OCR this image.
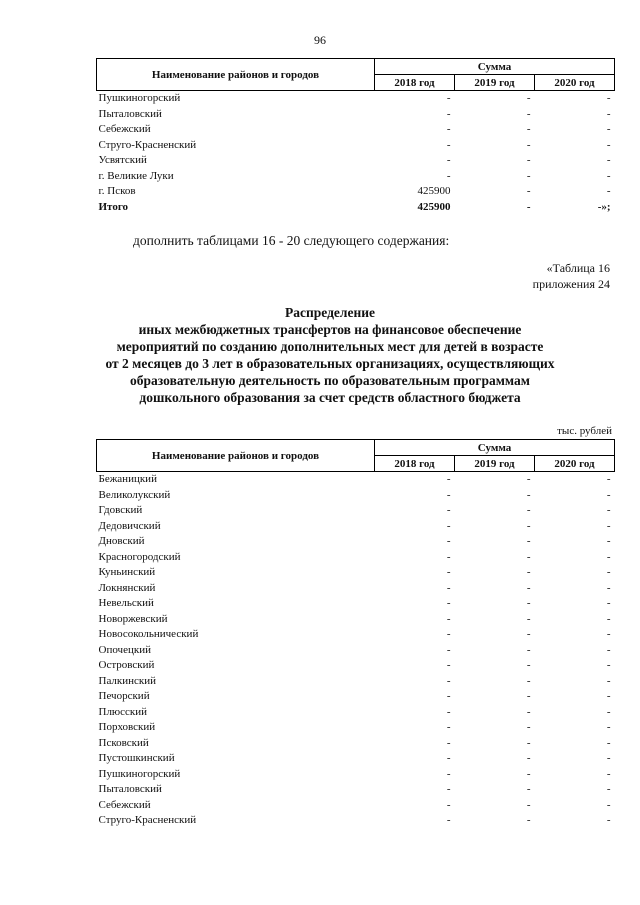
96
Наименование районов и городов	Сумма		
	2018 год	2019 год	2020 год
Пушкиногорский	-	-	-
Пыталовский	-	-	-
Себежский	-	-	-
Струго-Красненский	-	-	-
Усвятский	-	-	-
г. Великие Луки	-	-	-
г. Псков	425900	-	-
Итого	425900	-	-»;
дополнить таблицами 16 - 20 следующего содержания:
«Таблица 16
приложения 24
Распределение
иных межбюджетных трансфертов на финансовое обеспечение
мероприятий по созданию дополнительных мест для детей в возрасте
от 2 месяцев до 3 лет в образовательных организациях, осуществляющих
образовательную деятельность по образовательным программам
дошкольного образования за счет средств областного бюджета
тыс. рублей
Наименование районов и городов	Сумма		
	2018 год	2019 год	2020 год
Бежаницкий	-	-	-
Великолукский	-	-	-
Гдовский	-	-	-
Дедовичский	-	-	-
Дновский	-	-	-
Красногородский	-	-	-
Куньинский	-	-	-
Локнянский	-	-	-
Невельский	-	-	-
Новоржевский	-	-	-
Новосокольнический	-	-	-
Опочецкий	-	-	-
Островский	-	-	-
Палкинский	-	-	-
Печорский	-	-	-
Плюсский	-	-	-
Порховский	-	-	-
Псковский	-	-	-
Пустошкинский	-	-	-
Пушкиногорский	-	-	-
Пыталовский	-	-	-
Себежский	-	-	-
Струго-Красненский	-	-	-
